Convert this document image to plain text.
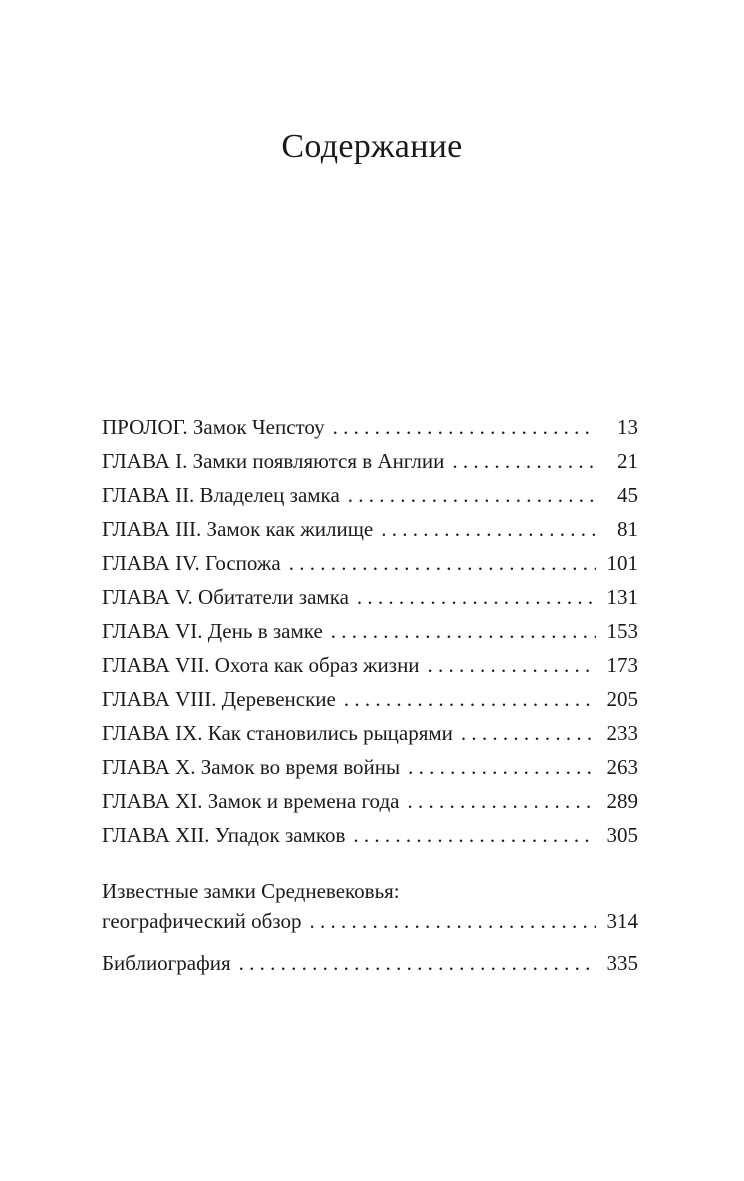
Содержание
ПРОЛОГ. Замок Чепстоу . . .	13
ГЛАВА I. Замки появляются в Англии . . .	21
ГЛАВА II. Владелец замка . . .	45
ГЛАВА III. Замок как жилище . . .	81
ГЛАВА IV. Госпожа . . .	101
ГЛАВА V. Обитатели замка . . .	131
ГЛАВА VI. День в замке . . .	153
ГЛАВА VII. Охота как образ жизни . . .	173
ГЛАВА VIII. Деревенские . . .	205
ГЛАВА IX. Как становились рыцарями . . .	233
ГЛАВА X. Замок во время войны . . .	263
ГЛАВА XI. Замок и времена года . . .	289
ГЛАВА XII. Упадок замков . . .	305
Известные замки Средневековья:
географический обзор . . .	314
Библиография . . .	335
